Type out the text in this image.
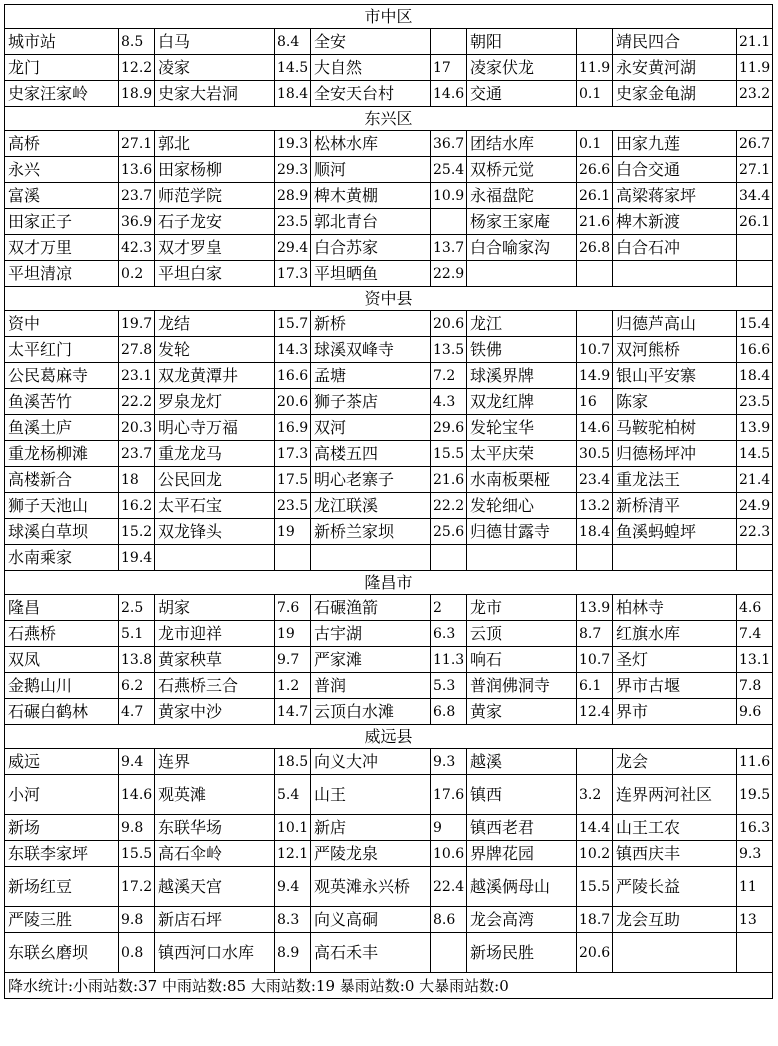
市中区									
城市站	8.5	白马	8.4	全安		朝阳		靖民四合	21.1
龙门	12.2	凌家	14.5	大自然	17	凌家伏龙	11.9	永安黄河湖	11.9
史家汪家岭	18.9	史家大岩洞	18.4	全安天台村	14.6	交通	0.1	史家金龟湖	23.2
东兴区									
高桥	27.1	郭北	19.3	松林水库	36.7	团结水库	0.1	田家九莲	26.7
永兴	13.6	田家杨柳	29.3	顺河	25.4	双桥元觉	26.6	白合交通	27.1
富溪	23.7	师范学院	28.9	椑木黄棚	10.9	永福盘陀	26.1	高梁蒋家坪	34.4
田家正子	36.9	石子龙安	23.5	郭北青台		杨家王家庵	21.6	椑木新渡	26.1
双才万里	42.3	双才罗皇	29.4	白合苏家	13.7	白合喻家沟	26.8	白合石冲	
平坦清凉	0.2	平坦白家	17.3	平坦晒鱼	22.9				
资中县									
资中	19.7	龙结	15.7	新桥	20.6	龙江		归德芦高山	15.4
太平红门	27.8	发轮	14.3	球溪双峰寺	13.5	铁佛	10.7	双河熊桥	16.6
公民葛麻寺	23.1	双龙黄潭井	16.6	孟塘	7.2	球溪界牌	14.9	银山平安寨	18.4
鱼溪苦竹	22.2	罗泉龙灯	20.6	狮子茶店	4.3	双龙红牌	16	陈家	23.5
鱼溪土庐	20.3	明心寺万福	16.9	双河	29.6	发轮宝华	14.6	马鞍驼柏树	13.9
重龙杨柳滩	23.7	重龙龙马	17.3	高楼五四	15.5	太平庆荣	30.5	归德杨坪冲	14.5
高楼新合	18	公民回龙	17.5	明心老寨子	21.6	水南板栗桠	23.4	重龙法王	21.4
狮子天池山	16.2	太平石宝	23.5	龙江联溪	22.2	发轮细心	13.2	新桥清平	24.9
球溪白草坝	15.2	双龙锋头	19	新桥兰家坝	25.6	归德甘露寺	18.4	鱼溪蚂蝗坪	22.3
水南乘家	19.4								
隆昌市									
隆昌	2.5	胡家	7.6	石碾渔箭	2	龙市	13.9	柏林寺	4.6
石燕桥	5.1	龙市迎祥	19	古宇湖	6.3	云顶	8.7	红旗水库	7.4
双凤	13.8	黄家秧草	9.7	严家滩	11.3	响石	10.7	圣灯	13.1
金鹅山川	6.2	石燕桥三合	1.2	普润	5.3	普润佛洞寺	6.1	界市古堰	7.8
石碾白鹤林	4.7	黄家中沙	14.7	云顶白水滩	6.8	黄家	12.4	界市	9.6
威远县									
威远	9.4	连界	18.5	向义大冲	9.3	越溪		龙会	11.6
小河	14.6	观英滩	5.4	山王	17.6	镇西	3.2	连界两河社区	19.5
新场	9.8	东联华场	10.1	新店	9	镇西老君	14.4	山王工农	16.3
东联李家坪	15.5	高石伞岭	12.1	严陵龙泉	10.6	界牌花园	10.2	镇西庆丰	9.3
新场红豆	17.2	越溪天宫	9.4	观英滩永兴桥	22.4	越溪俩母山	15.5	严陵长益	11
严陵三胜	9.8	新店石坪	8.3	向义高硐	8.6	龙会高湾	18.7	龙会互助	13
东联幺磨坝	0.8	镇西河口水库	8.9	高石禾丰		新场民胜	20.6		
降水统计:小雨站数:37 中雨站数:85 大雨站数:19 暴雨站数:0 大暴雨站数:0									
